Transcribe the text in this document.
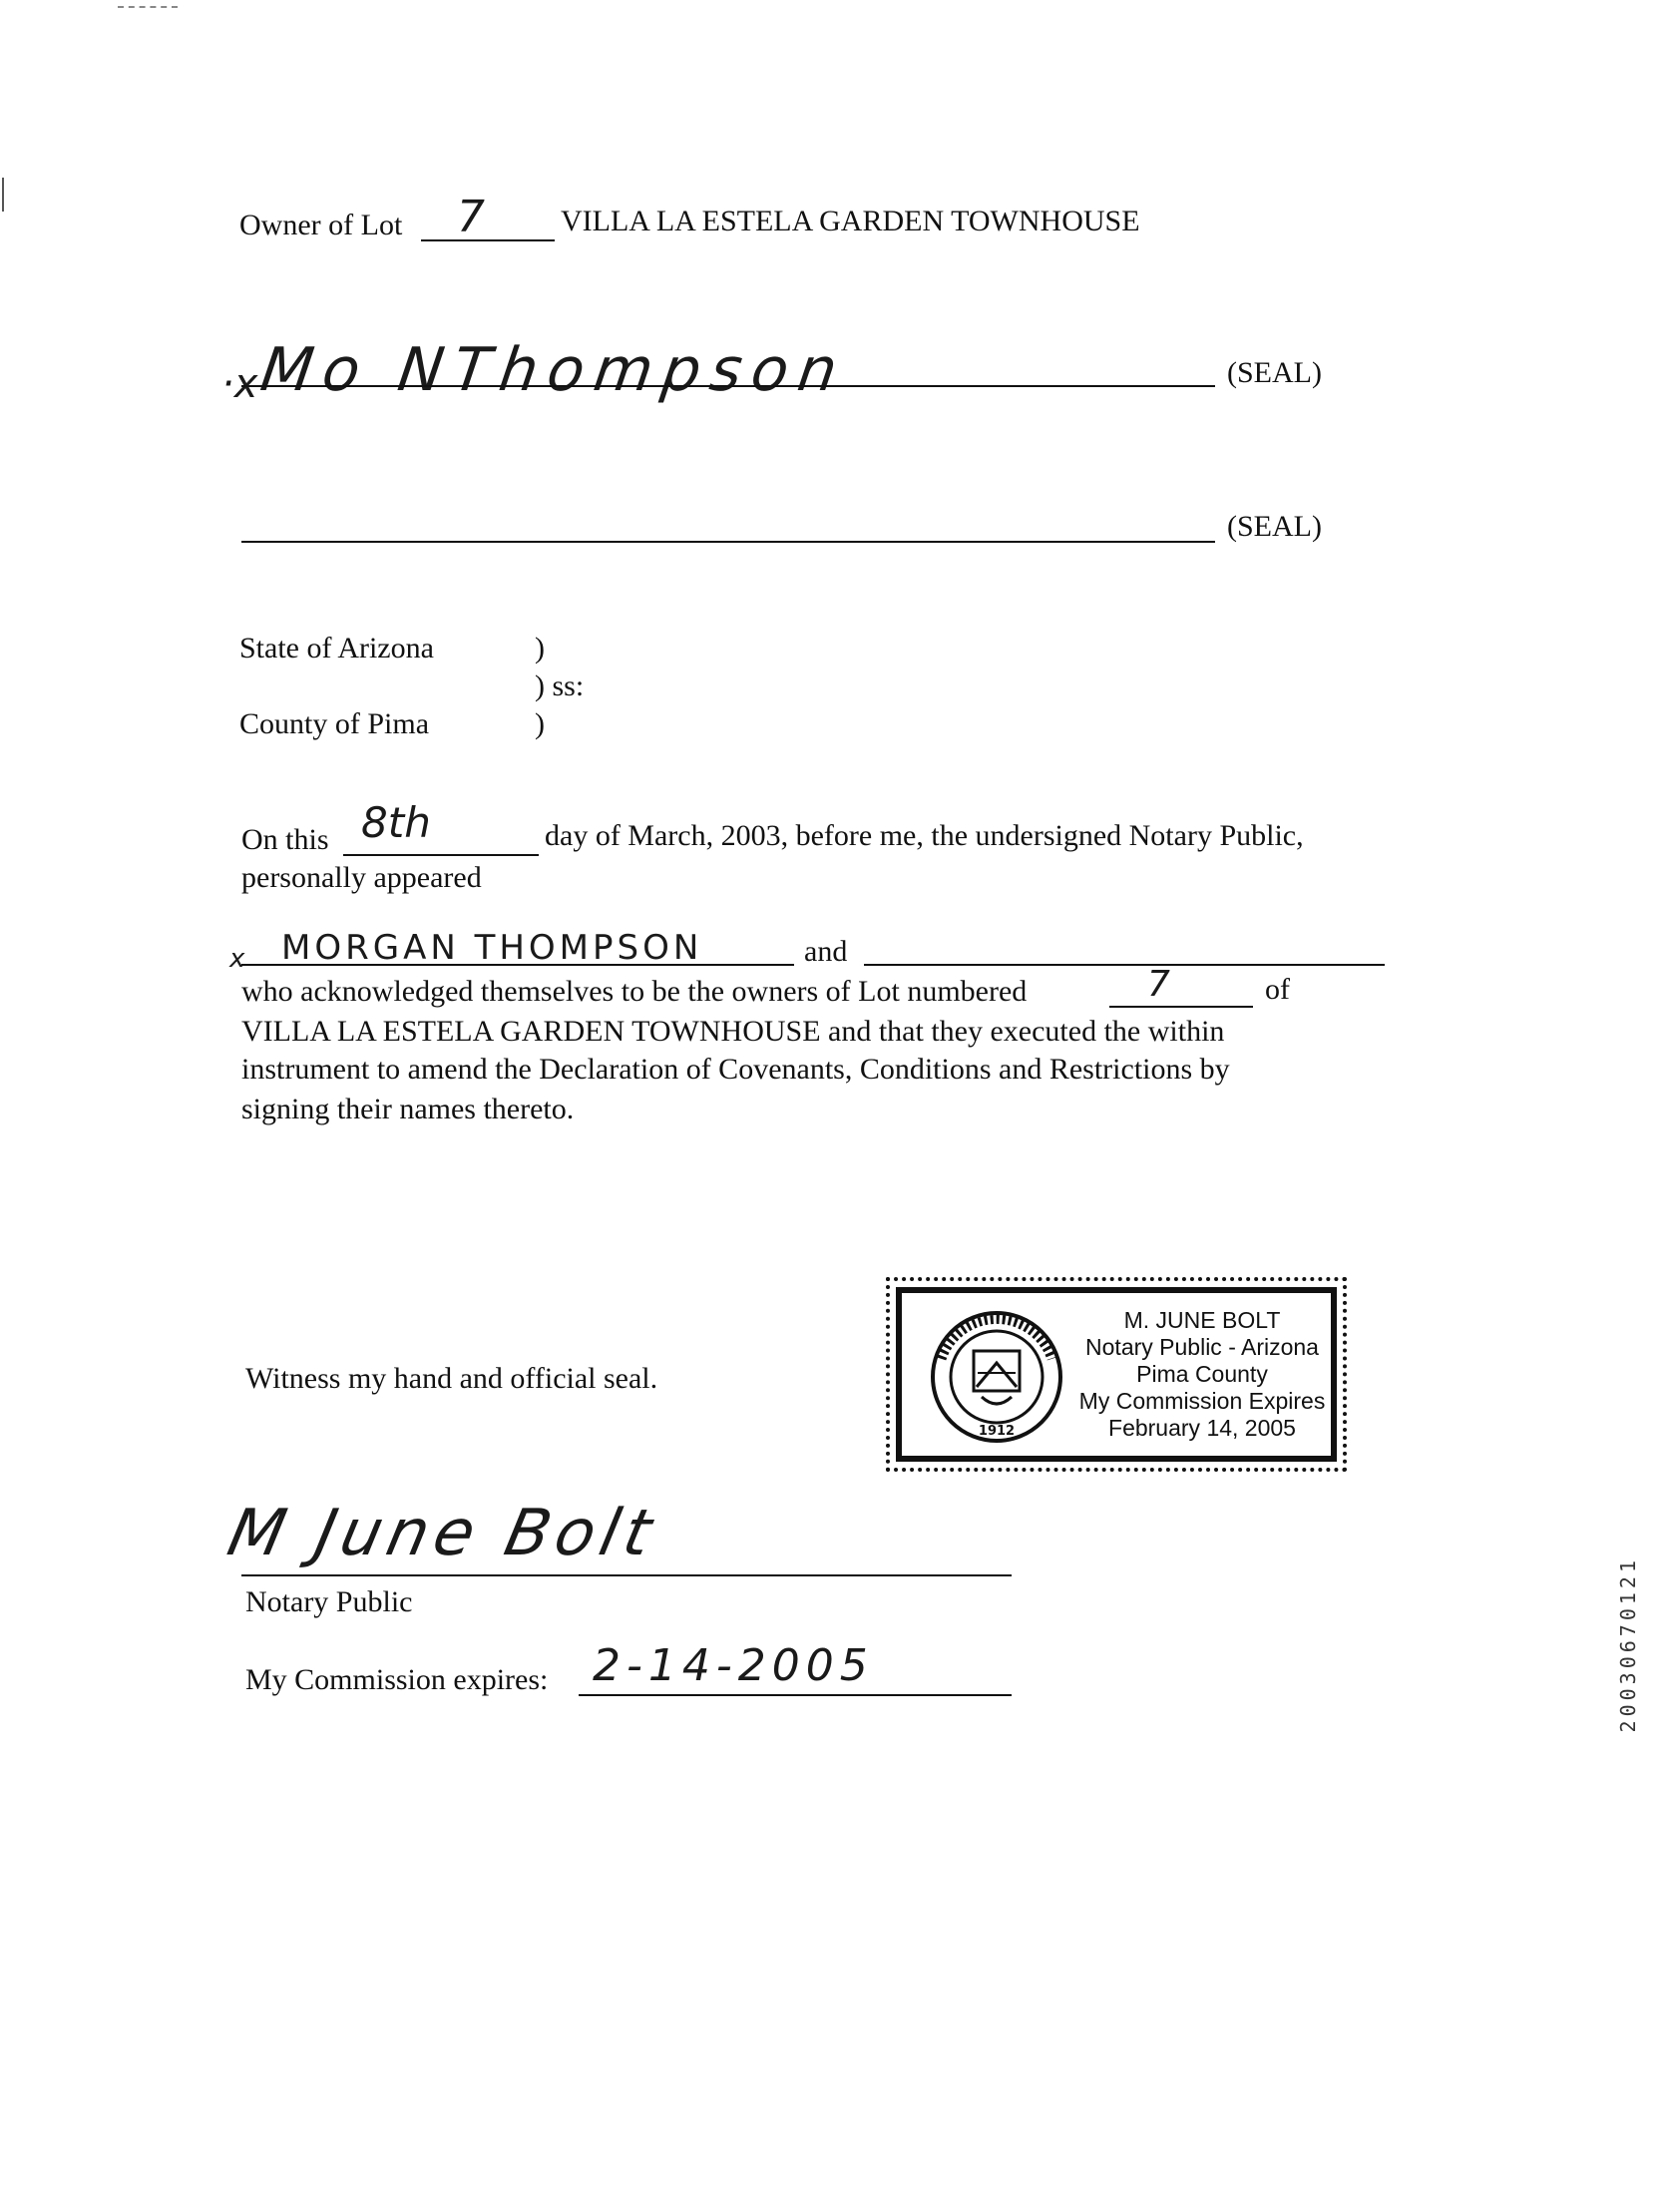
Owner of Lot 7	VILLA LA ESTELA GARDEN TOWNHOUSE
Mo NThompson
·x	(SEAL)
(SEAL)
State of Arizona	)
) ss:
County of Pima	)
On this 8th	day of March, 2003, before me, the undersigned Notary Public,
personally appeared
x MORGAN THOMPSON	and
who acknowledged themselves to be the owners of Lot numbered	7	of
VILLA LA ESTELA GARDEN TOWNHOUSE and that they executed the within
instrument to amend the Declaration of Covenants, Conditions and Restrictions by
signing their names thereto.
Witness my hand and official seal.
1912
M. JUNE BOLT
Notary Public - Arizona
Pima County
My Commission Expires
February 14, 2005
M June Bolt
Notary Public
My Commission expires: 2-14-2005	20030670121
